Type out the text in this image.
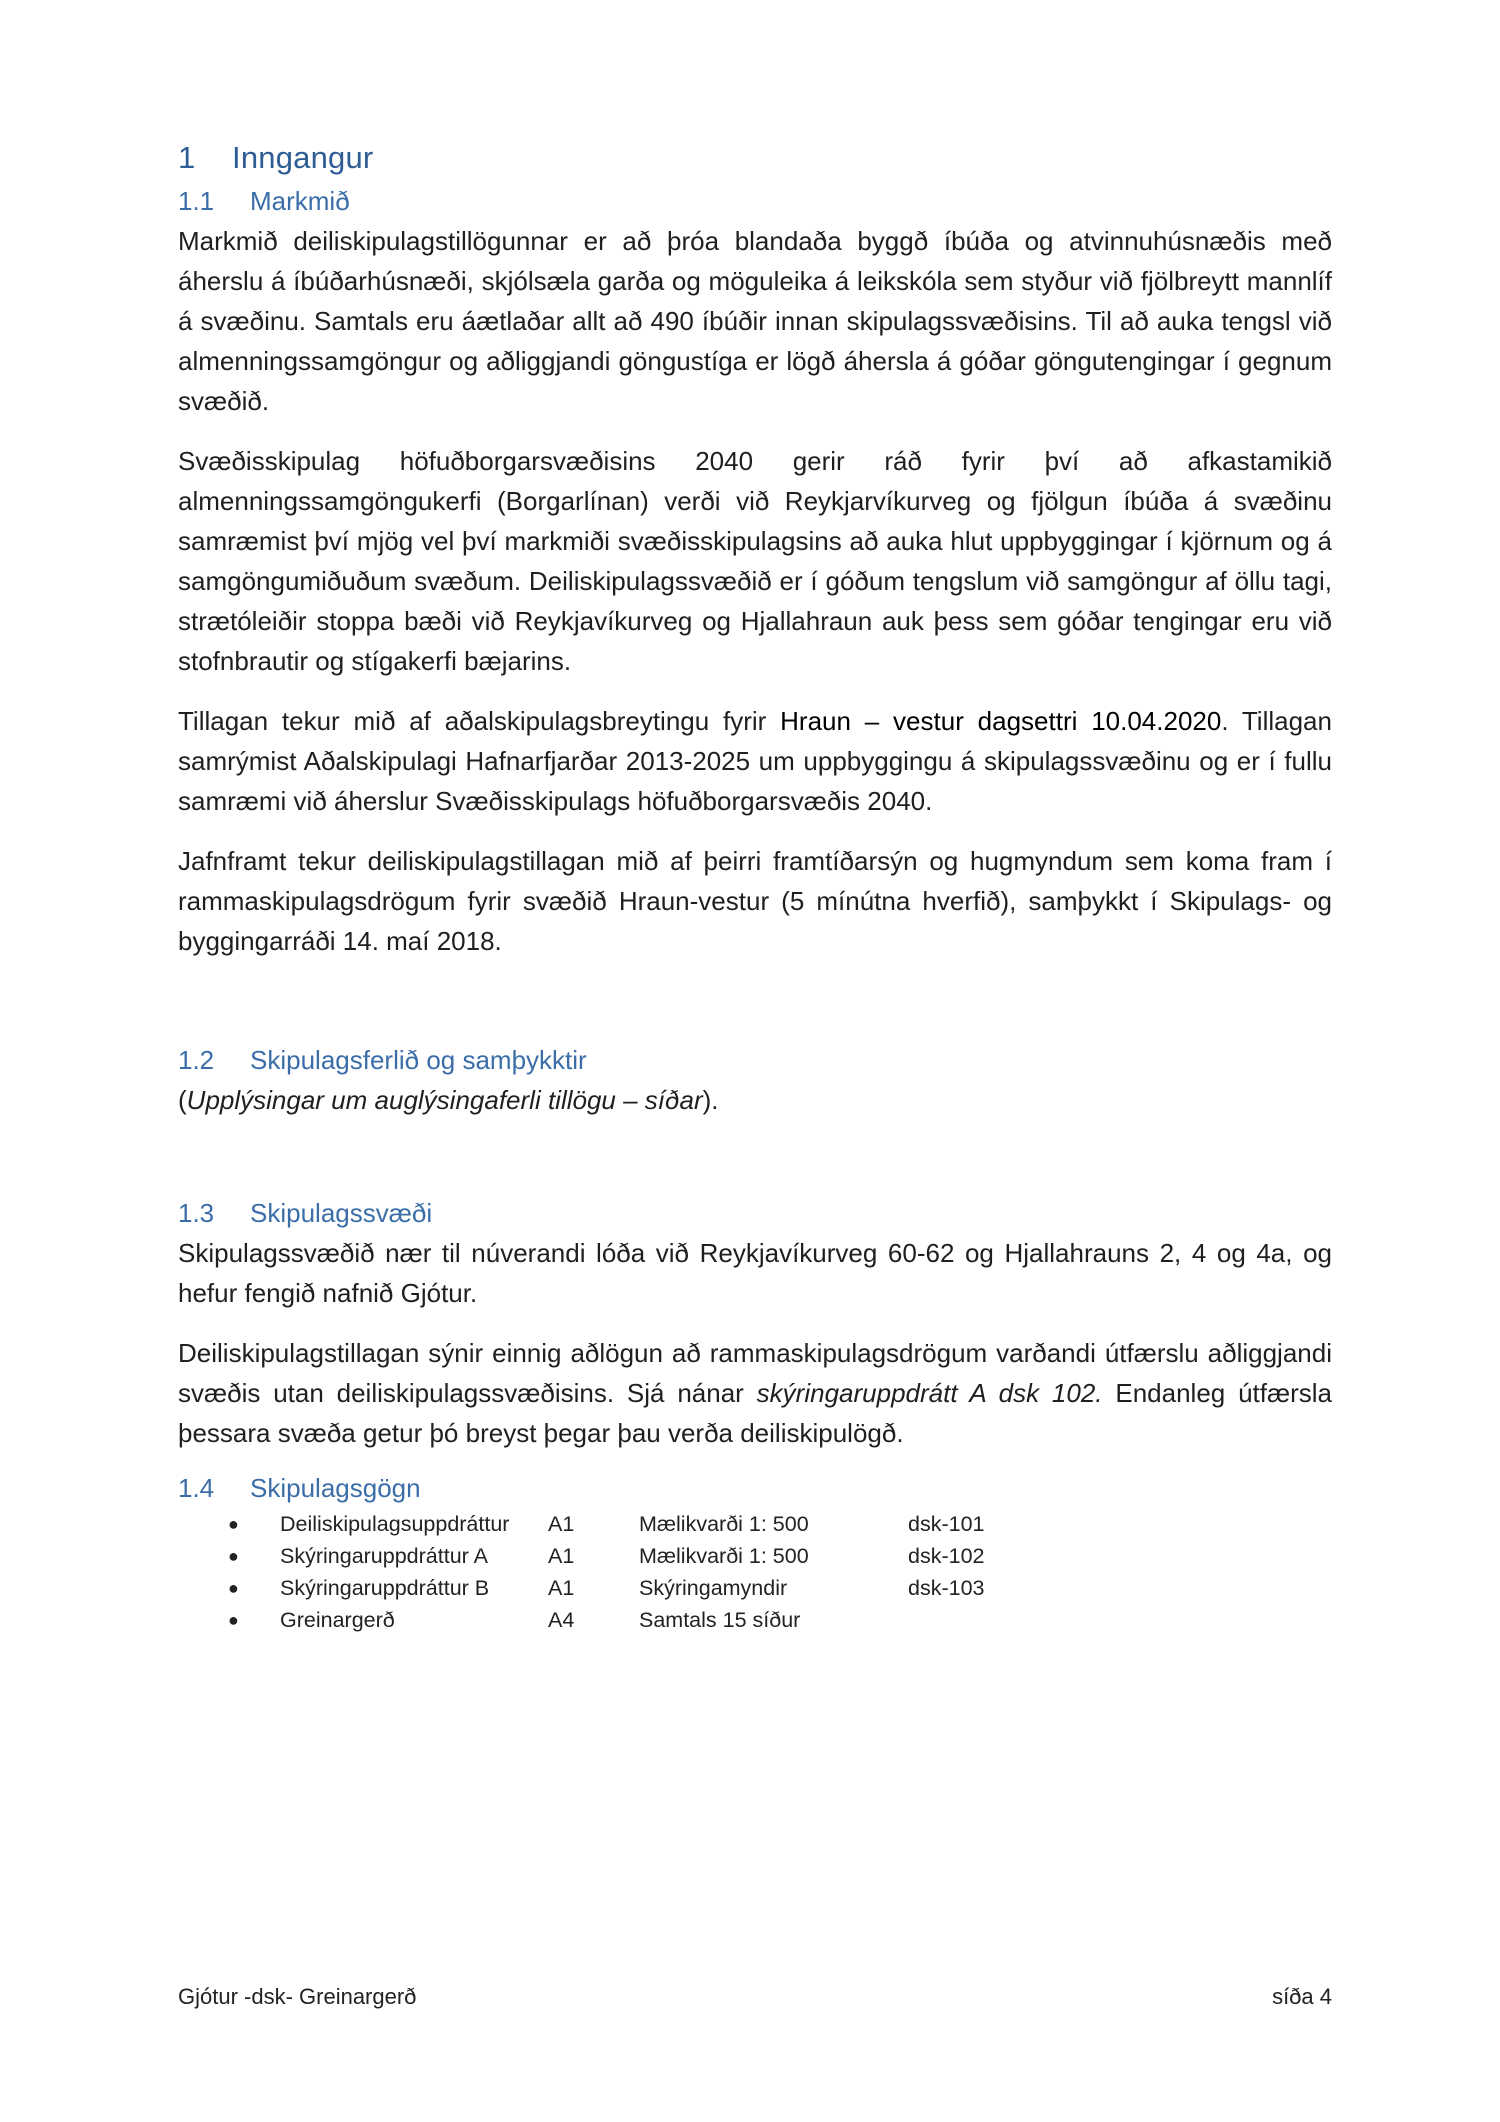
1 Inngangur
1.1 Markmið

Markmið deiliskipulagstillögunnar er að þróa blandaða byggð íbúða og atvinnuhúsnæðis með áherslu á íbúðarhúsnæði, skjólsæla garða og möguleika á leikskóla sem styður við fjölbreytt mannlíf á svæðinu. Samtals eru áætlaðar allt að 490 íbúðir innan skipulagssvæðisins. Til að auka tengsl við almenningssamgöngur og aðliggjandi göngustíga er lögð áhersla á góðar göngutengingar í gegnum svæðið.

Svæðisskipulag höfuðborgarsvæðisins 2040 gerir ráð fyrir því að afkastamikið almenningssamgöngukerfi (Borgarlínan) verði við Reykjarvíkurveg og fjölgun íbúða á svæðinu samræmist því mjög vel því markmiði svæðisskipulagsins að auka hlut uppbyggingar í kjörnum og á samgöngumiðuðum svæðum. Deiliskipulagssvæðið er í góðum tengslum við samgöngur af öllu tagi, strætóleiðir stoppa bæði við Reykjavíkurveg og Hjallahraun auk þess sem góðar tengingar eru við stofnbrautir og stígakerfi bæjarins.

Tillagan tekur mið af aðalskipulagsbreytingu fyrir Hraun – vestur dagsettri 10.04.2020. Tillagan samrýmist Aðalskipulagi Hafnarfjarðar 2013-2025 um uppbyggingu á skipulagssvæðinu og er í fullu samræmi við áherslur Svæðisskipulags höfuðborgarsvæðis 2040.

Jafnframt tekur deiliskipulagstillagan mið af þeirri framtíðarsýn og hugmyndum sem koma fram í rammaskipulagsdrögum fyrir svæðið Hraun-vestur (5 mínútna hverfið), samþykkt í Skipulags- og byggingarráði 14. maí 2018.

1.2 Skipulagsferlið og samþykktir

(Upplýsingar um auglýsingaferli tillögu – síðar).

1.3 Skipulagssvæði

Skipulagssvæðið nær til núverandi lóða við Reykjavíkurveg 60-62 og Hjallahrauns 2, 4 og 4a, og hefur fengið nafnið Gjótur.

Deiliskipulagstillagan sýnir einnig aðlögun að rammaskipulagsdrögum varðandi útfærslu aðliggjandi svæðis utan deiliskipulagssvæðisins. Sjá nánar skýringaruppdrátt A dsk 102. Endanleg útfærsla þessara svæða getur þó breyst þegar þau verða deiliskipulögð.

1.4 Skipulagsgögn
●	Deiliskipulagsuppdráttur	A1	Mælikvarði 1: 500	dsk-101
●	Skýringaruppdráttur A	A1	Mælikvarði 1: 500	dsk-102
●	Skýringaruppdráttur B	A1	Skýringamyndir	dsk-103
●	Greinargerð	A4	Samtals 15 síður
Gjótur -dsk- Greinargerð	síða 4
